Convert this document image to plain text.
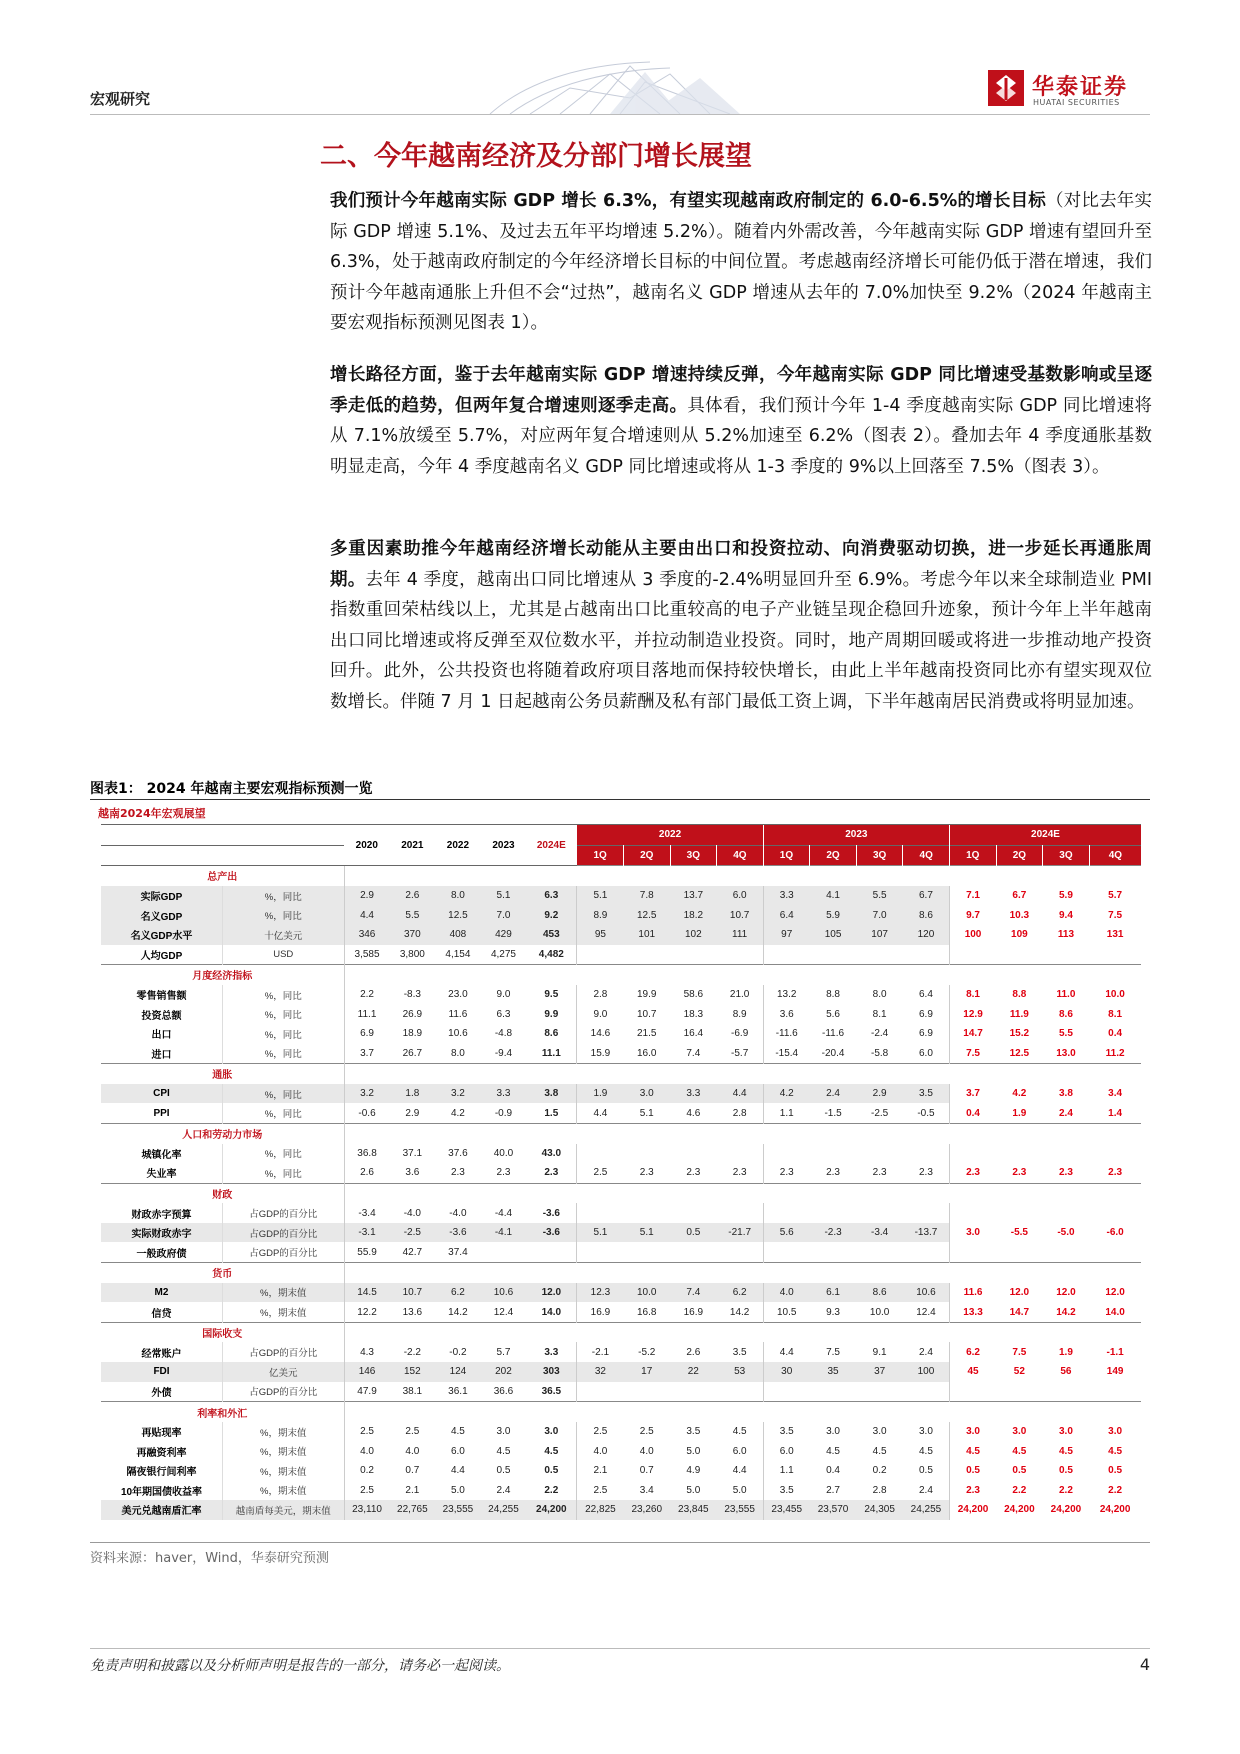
宏观研究	华泰证券
HUATAI SECURITIES
二、今年越南经济及分部门增长展望
我们预计今年越南实际 GDP 增长 6.3%，有望实现越南政府制定的 6.0-6.5%的增长目标（对比去年实际 GDP 增速 5.1%、及过去五年平均增速 5.2%）。随着内外需改善，今年越南实际 GDP 增速有望回升至 6.3%，处于越南政府制定的今年经济增长目标的中间位置。考虑越南经济增长可能仍低于潜在增速，我们预计今年越南通胀上升但不会“过热”，越南名义 GDP 增速从去年的 7.0%加快至 9.2%（2024 年越南主要宏观指标预测见图表 1）。
增长路径方面，鉴于去年越南实际 GDP 增速持续反弹，今年越南实际 GDP 同比增速受基数影响或呈逐季走低的趋势，但两年复合增速则逐季走高。具体看，我们预计今年 1-4 季度越南实际 GDP 同比增速将从 7.1%放缓至 5.7%，对应两年复合增速则从 5.2%加速至 6.2%（图表 2）。叠加去年 4 季度通胀基数明显走高，今年 4 季度越南名义 GDP 同比增速或将从 1-3 季度的 9%以上回落至 7.5%（图表 3）。
多重因素助推今年越南经济增长动能从主要由出口和投资拉动、向消费驱动切换，进一步延长再通胀周期。去年 4 季度，越南出口同比增速从 3 季度的-2.4%明显回升至 6.9%。考虑今年以来全球制造业 PMI 指数重回荣枯线以上，尤其是占越南出口比重较高的电子产业链呈现企稳回升迹象，预计今年上半年越南出口同比增速或将反弹至双位数水平，并拉动制造业投资。同时，地产周期回暖或将进一步推动地产投资回升。此外，公共投资也将随着政府项目落地而保持较快增长，由此上半年越南投资同比亦有望实现双位数增长。伴随 7 月 1 日起越南公务员薪酬及私有部门最低工资上调，下半年越南居民消费或将明显加速。
图表1： 2024 年越南主要宏观指标预测一览
越南2024年宏观展望
		2020	2021	2022	2023	2024E	2022				2023				2024E			
							1Q	2Q	3Q	4Q	1Q	2Q	3Q	4Q	1Q	2Q	3Q	4Q
总产出																		
实际GDP	%，同比	2.9	2.6	8.0	5.1	6.3	5.1	7.8	13.7	6.0	3.3	4.1	5.5	6.7	7.1	6.7	5.9	5.7
名义GDP	%，同比	4.4	5.5	12.5	7.0	9.2	8.9	12.5	18.2	10.7	6.4	5.9	7.0	8.6	9.7	10.3	9.4	7.5
名义GDP水平	十亿美元	346	370	408	429	453	95	101	102	111	97	105	107	120	100	109	113	131
人均GDP	USD	3,585	3,800	4,154	4,275	4,482												
月度经济指标																		
零售销售额	%，同比	2.2	-8.3	23.0	9.0	9.5	2.8	19.9	58.6	21.0	13.2	8.8	8.0	6.4	8.1	8.8	11.0	10.0
投资总额	%，同比	11.1	26.9	11.6	6.3	9.9	9.0	10.7	18.3	8.9	3.6	5.6	8.1	6.9	12.9	11.9	8.6	8.1
出口	%，同比	6.9	18.9	10.6	-4.8	8.6	14.6	21.5	16.4	-6.9	-11.6	-11.6	-2.4	6.9	14.7	15.2	5.5	0.4
进口	%，同比	3.7	26.7	8.0	-9.4	11.1	15.9	16.0	7.4	-5.7	-15.4	-20.4	-5.8	6.0	7.5	12.5	13.0	11.2
通胀																		
CPI	%，同比	3.2	1.8	3.2	3.3	3.8	1.9	3.0	3.3	4.4	4.2	2.4	2.9	3.5	3.7	4.2	3.8	3.4
PPI	%，同比	-0.6	2.9	4.2	-0.9	1.5	4.4	5.1	4.6	2.8	1.1	-1.5	-2.5	-0.5	0.4	1.9	2.4	1.4
人口和劳动力市场																		
城镇化率	%，同比	36.8	37.1	37.6	40.0	43.0												
失业率	%，同比	2.6	3.6	2.3	2.3	2.3	2.5	2.3	2.3	2.3	2.3	2.3	2.3	2.3	2.3	2.3	2.3	2.3
财政																		
财政赤字预算	占GDP的百分比	-3.4	-4.0	-4.0	-4.4	-3.6												
实际财政赤字	占GDP的百分比	-3.1	-2.5	-3.6	-4.1	-3.6	5.1	5.1	0.5	-21.7	5.6	-2.3	-3.4	-13.7	3.0	-5.5	-5.0	-6.0
一般政府债	占GDP的百分比	55.9	42.7	37.4														
货币																		
M2	%，期末值	14.5	10.7	6.2	10.6	12.0	12.3	10.0	7.4	6.2	4.0	6.1	8.6	10.6	11.6	12.0	12.0	12.0
信贷	%，期末值	12.2	13.6	14.2	12.4	14.0	16.9	16.8	16.9	14.2	10.5	9.3	10.0	12.4	13.3	14.7	14.2	14.0
国际收支																		
经常账户	占GDP的百分比	4.3	-2.2	-0.2	5.7	3.3	-2.1	-5.2	2.6	3.5	4.4	7.5	9.1	2.4	6.2	7.5	1.9	-1.1
FDI	亿美元	146	152	124	202	303	32	17	22	53	30	35	37	100	45	52	56	149
外债	占GDP的百分比	47.9	38.1	36.1	36.6	36.5												
利率和外汇																		
再贴现率	%，期末值	2.5	2.5	4.5	3.0	3.0	2.5	2.5	3.5	4.5	3.5	3.0	3.0	3.0	3.0	3.0	3.0	3.0
再融资利率	%，期末值	4.0	4.0	6.0	4.5	4.5	4.0	4.0	5.0	6.0	6.0	4.5	4.5	4.5	4.5	4.5	4.5	4.5
隔夜银行间利率	%，期末值	0.2	0.7	4.4	0.5	0.5	2.1	0.7	4.9	4.4	1.1	0.4	0.2	0.5	0.5	0.5	0.5	0.5
10年期国债收益率	%，期末值	2.5	2.1	5.0	2.4	2.2	2.5	3.4	5.0	5.0	3.5	2.7	2.8	2.4	2.3	2.2	2.2	2.2
美元兑越南盾汇率	越南盾每美元，期末值	23,110	22,765	23,555	24,255	24,200	22,825	23,260	23,845	23,555	23,455	23,570	24,305	24,255	24,200	24,200	24,200	24,200
资料来源：haver，Wind，华泰研究预测
免责声明和披露以及分析师声明是报告的一部分，请务必一起阅读。	4
